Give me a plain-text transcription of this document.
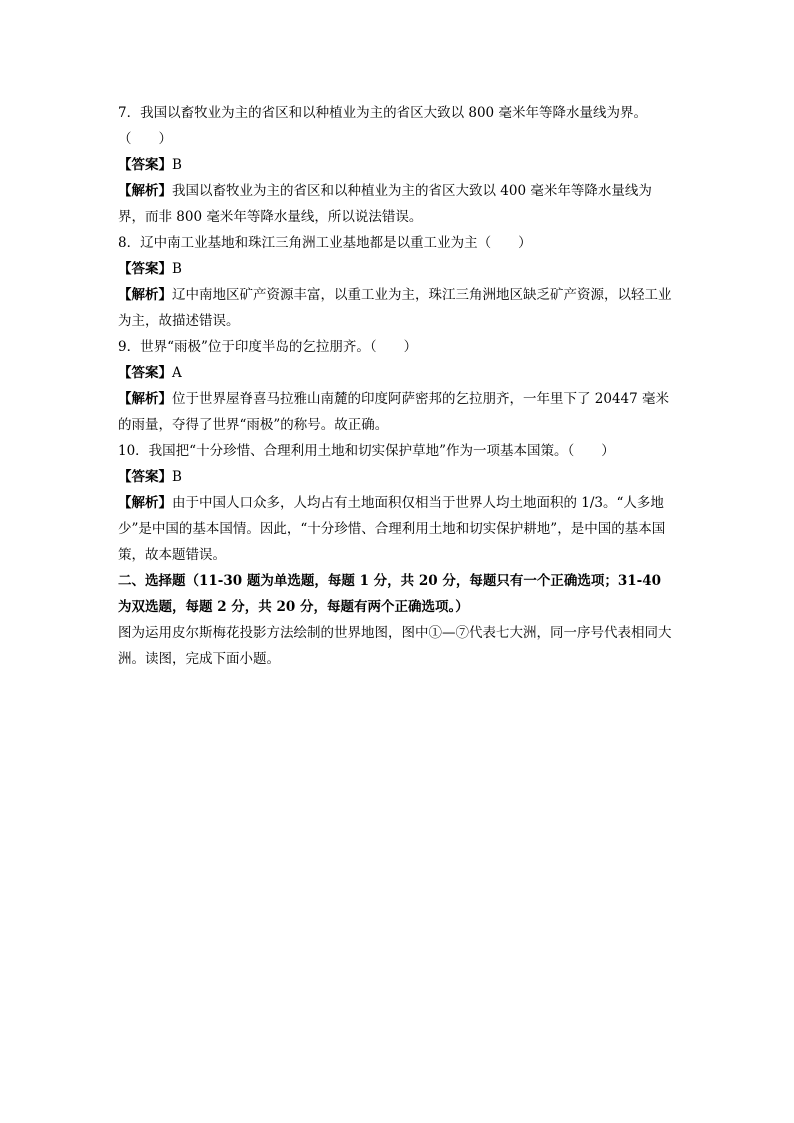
7．我国以畜牧业为主的省区和以种植业为主的省区大致以 800 毫米年等降水量线为界。

（　　）

【答案】B

【解析】我国以畜牧业为主的省区和以种植业为主的省区大致以 400 毫米年等降水量线为界，而非 800 毫米年等降水量线，所以说法错误。

8．辽中南工业基地和珠江三角洲工业基地都是以重工业为主（　　）

【答案】B

【解析】辽中南地区矿产资源丰富，以重工业为主，珠江三角洲地区缺乏矿产资源，以轻工业为主，故描述错误。

9．世界“雨极”位于印度半岛的乞拉朋齐。（　　）

【答案】A

【解析】位于世界屋脊喜马拉雅山南麓的印度阿萨密邦的乞拉朋齐，一年里下了 20447 毫米的雨量，夺得了世界“雨极”的称号。故正确。

10．我国把“十分珍惜、合理利用土地和切实保护草地”作为一项基本国策。（　　）

【答案】B

【解析】由于中国人口众多，人均占有土地面积仅相当于世界人均土地面积的 1/3。“人多地少”是中国的基本国情。因此，“十分珍惜、合理利用土地和切实保护耕地”，是中国的基本国策，故本题错误。

二、选择题（11-30 题为单选题，每题 1 分，共 20 分，每题只有一个正确选项；31-40 为双选题，每题 2 分，共 20 分，每题有两个正确选项。）

图为运用皮尔斯梅花投影方法绘制的世界地图，图中①—⑦代表七大洲，同一序号代表相同大洲。读图，完成下面小题。
